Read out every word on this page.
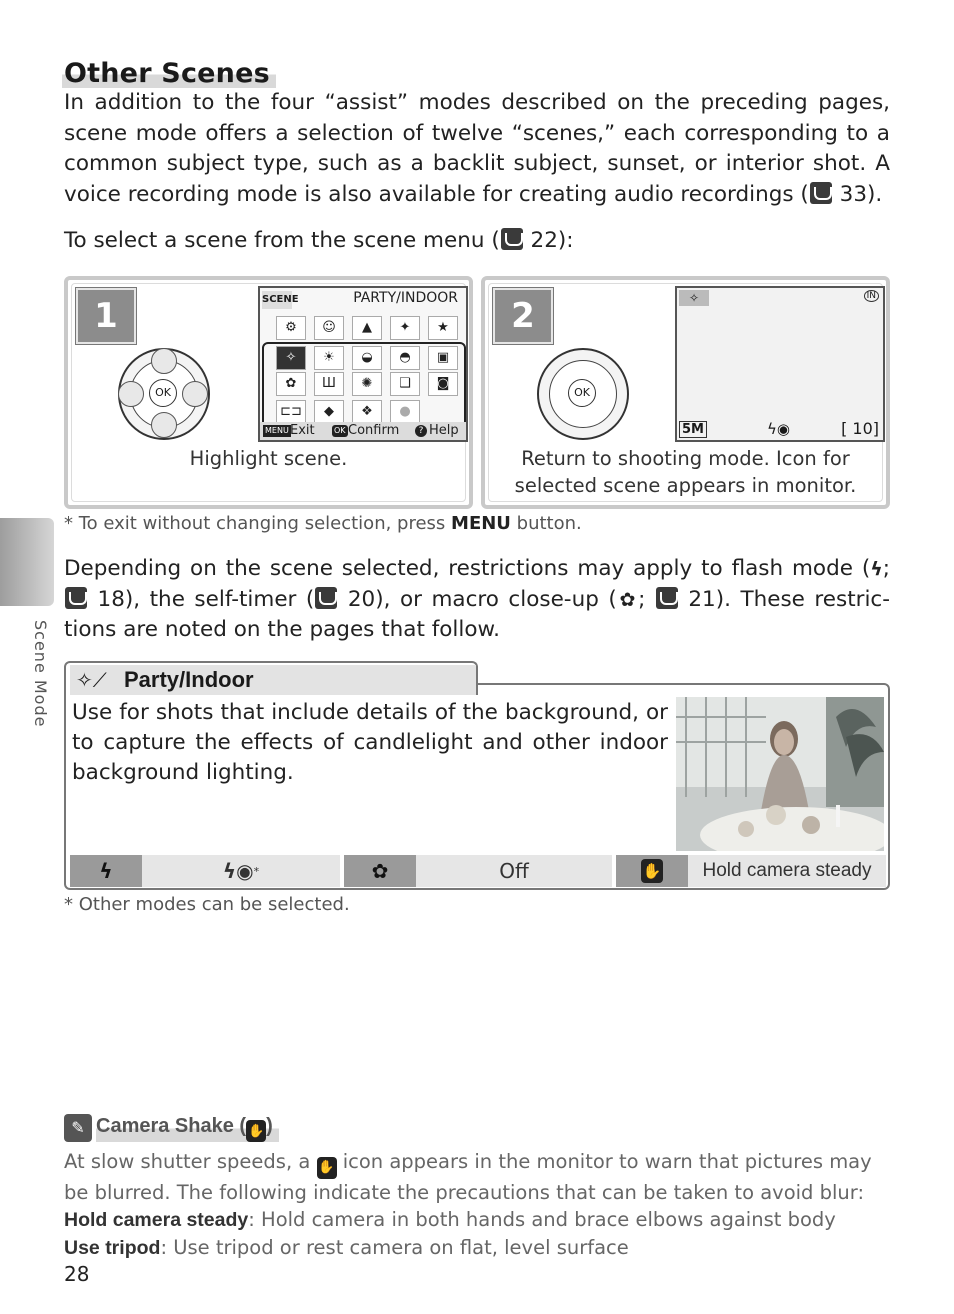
Scene Mode
Other Scenes

In addition to the four “assist” modes described on the preceding pages, scene mode offers a selection of twelve “scenes,” each corresponding to a common subject type, such as a backlit subject, sunset, or interior shot. A voice recording mode is also available for creating audio recordings ( 33).

To select a scene from the scene menu ( 22):

1
OK
SCENE	PARTY/INDOOR
⚙	☺	▲	✦	★
✧	☀	◒	◓	▣
✿	Ш	✺	❑	◙
⊏⊐	◆	❖	●
MENU Exit OK Confirm	? Help
Highlight scene.
2
OK
✧	IN
5M	ϟ◉	[ 10]
Return to shooting mode. Icon for selected scene appears in monitor.
* To exit without changing selection, press MENU button.

Depending on the scene selected, restrictions may apply to flash mode (ϟ;  18), the self-timer ( 20), or macro close-up (✿;  21). These restric-tions are noted on the pages that follow.

✧⟋ Party/Indoor
Use for shots that include details of the background, or to capture the effects of candlelight and other indoor background lighting.
ϟ	ϟ◉ *	✿	Off	✋	Hold camera steady
* Other modes can be selected.
✎ Camera Shake ( ✋)
At slow shutter speeds, a ✋ icon appears in the monitor to warn that pictures may be blurred. The following indicate the precautions that can be taken to avoid blur:
Hold camera steady: Hold camera in both hands and brace elbows against body
Use tripod: Use tripod or rest camera on flat, level surface
28
